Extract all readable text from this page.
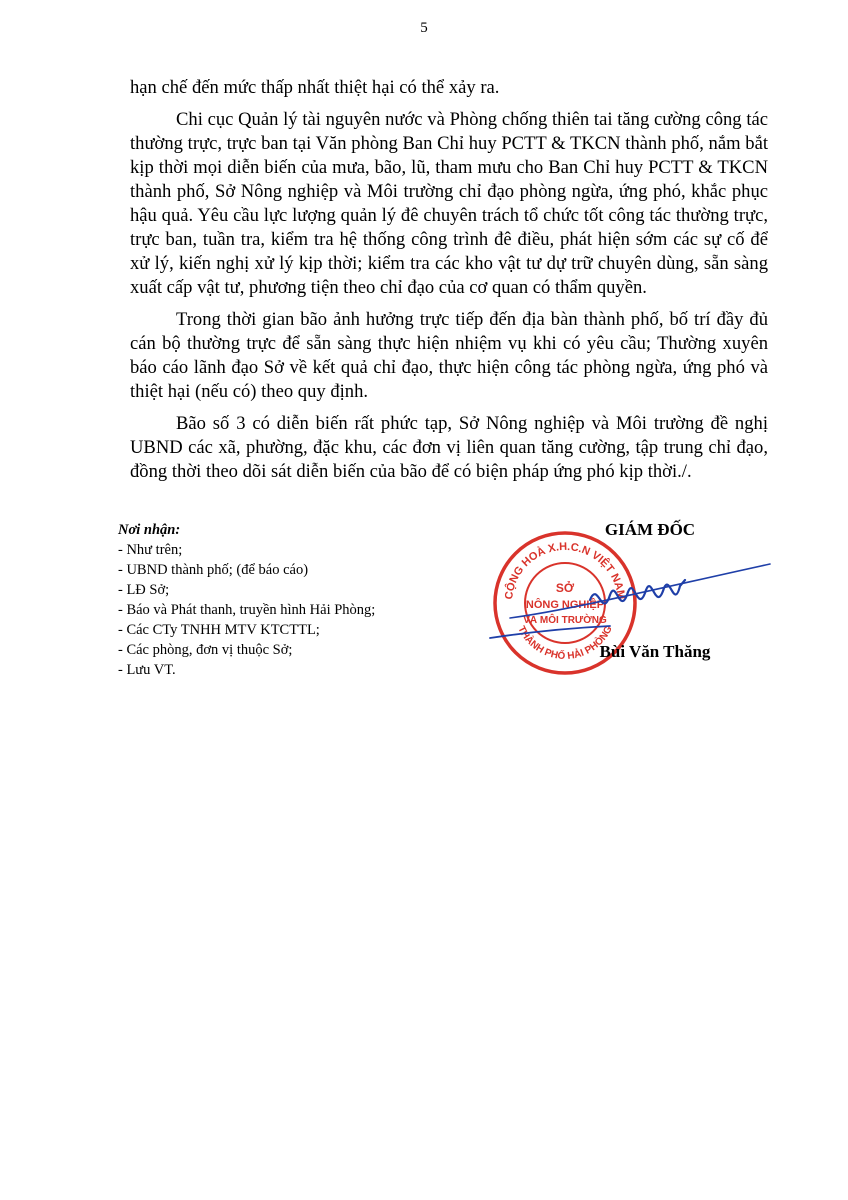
5

hạn chế đến mức thấp nhất thiệt hại có thể xảy ra.

Chi cục Quản lý tài nguyên nước và Phòng chống thiên tai tăng cường công tác thường trực, trực ban tại Văn phòng Ban Chỉ huy PCTT & TKCN thành phố, nắm bắt kịp thời mọi diễn biến của mưa, bão, lũ, tham mưu cho Ban Chỉ huy PCTT & TKCN thành phố, Sở Nông nghiệp và Môi trường chỉ đạo phòng ngừa, ứng phó, khắc phục hậu quả. Yêu cầu lực lượng quản lý đê chuyên trách tổ chức tốt công tác thường trực, trực ban, tuần tra, kiểm tra hệ thống công trình đê điều, phát hiện sớm các sự cố để xử lý, kiến nghị xử lý kịp thời; kiểm tra các kho vật tư dự trữ chuyên dùng, sẵn sàng xuất cấp vật tư, phương tiện theo chỉ đạo của cơ quan có thẩm quyền.

Trong thời gian bão ảnh hưởng trực tiếp đến địa bàn thành phố, bố trí đầy đủ cán bộ thường trực để sẵn sàng thực hiện nhiệm vụ khi có yêu cầu; Thường xuyên báo cáo lãnh đạo Sở về kết quả chỉ đạo, thực hiện công tác phòng ngừa, ứng phó và thiệt hại (nếu có) theo quy định.

Bão số 3 có diễn biến rất phức tạp, Sở Nông nghiệp và Môi trường đề nghị UBND các xã, phường, đặc khu, các đơn vị liên quan tăng cường, tập trung chỉ đạo, đồng thời theo dõi sát diễn biến của bão để có biện pháp ứng phó kịp thời./.

Nơi nhận:
- Như trên;
- UBND thành phố; (để báo cáo)
- LĐ Sở;
- Báo và Phát thanh, truyền hình Hải Phòng;
- Các CTy TNHH MTV KTCTTL;
- Các phòng, đơn vị thuộc Sở;
- Lưu VT.
CỘNG HOÀ X.H.C.N VIỆT NAM
THÀNH PHỐ HẢI PHÒNG
SỞ
NÔNG NGHIỆP
VÀ MÔI TRƯỜNG
GIÁM ĐỐC
Bùi Văn Thăng
